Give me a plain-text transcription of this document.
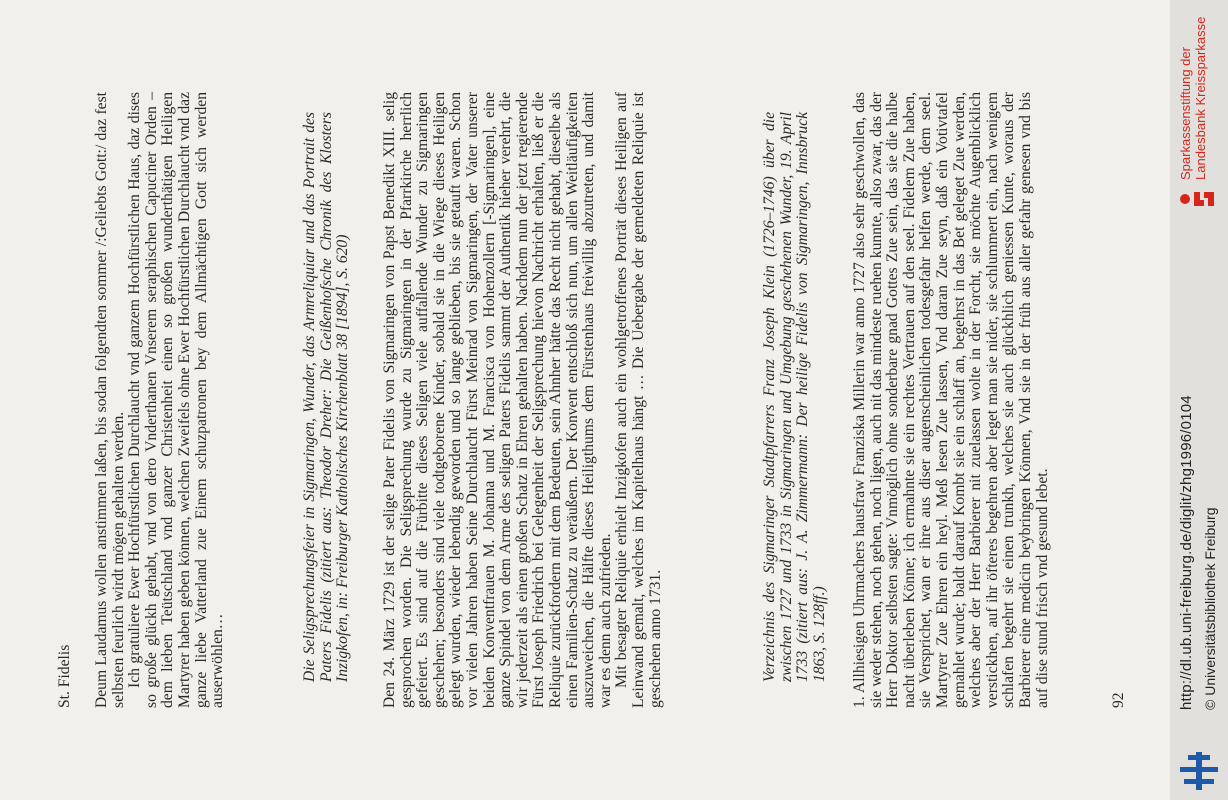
St. Fidelis Deum Laudamus wollen anstimmen laßen, bis sodan folgendten sommer /:Geliebts Gott:/ daz fest selbsten feurlich wirdt mögen gehalten werden. Ich gratuliere Ewer Hochfürstlichen Durchlaucht vnd ganzem Hochfürstlichen Haus, daz dises so große glückh gehabt, vnd von dero Vnderthanen Vnserem seraphischen Capuciner Orden – dem lieben Teütschland vnd ganzer Christenheit einen so großen wunderthätigen Heiligen Martyrer haben geben können, welchen Zweifels ohne Ewer Hochfürstlichen Durchlaucht vnd daz ganze liebe Vatterland zue Einem schuzpatronen bey dem Allmächtigen Gott sich werden auserwöhlen…	Die Seligsprechungsfeier in Sigmaringen, Wunder, das Armreliquiar und das Portrait des Paters Fidelis (zitiert aus: Theodor Dreher: Die Geißenhofsche Chronik des Klosters Inzigkofen, in: Freiburger Katholisches Kirchenblatt 38 [1894], S. 620) Den 24. März 1729 ist der selige Pater Fidelis von Sigmaringen von Papst Benedikt XIII. selig gesprochen worden. Die Seligsprechung wurde zu Sigmaringen in der Pfarrkirche herrlich gefeiert. Es sind auf die Fürbitte dieses Seligen viele auffallende Wunder zu Sigmaringen geschehen; besonders sind viele todtgeborene Kinder, sobald sie in die Wiege dieses Heiligen gelegt wurden, wieder lebendig geworden und so lange geblieben, bis sie getauft waren. Schon vor vielen Jahren haben Seine Durchlaucht Fürst Meinrad von Sigmaringen, der Vater unserer beiden Konventfrauen M. Johanna und M. Francisca von Hohenzollern [-Sigmaringen], eine ganze Spindel von dem Arme des seligen Paters Fidelis sammt der Authentik hieher verehrt, die wir jederzeit als einen großen Schatz in Ehren gehalten haben. Nachdem nun der jetzt regierende Fürst Joseph Friedrich bei Gelegenheit der Seligsprechung hievon Nachricht erhalten, ließ er die Reliquie zurückfordern mit dem Bedeuten, sein Ahnher hätte das Recht nicht gehabt, dieselbe als einen Familien-Schatz zu veräußern. Der Konvent entschloß sich nun, um allen Weitläufigkeiten auszuweichen, die Hälfte dieses Heiligthums dem Fürstenhaus freiwillig abzutreten, und damit war es denn auch zufrieden. Mit besagter Reliquie erhielt Inzigkofen auch ein wohlgetroffenes Porträt dieses Heiligen auf Leinwand gemalt, welches im Kapitelhaus hängt … Die Uebergabe der gemeldeten Reliquie ist geschehen anno 1731.	Verzeichnis des Sigmaringer Stadtpfarrers Franz Joseph Klein (1726–1746) über die zwischen 1727 und 1733 in Sigmaringen und Umgebung geschehenen Wunder, 19. April 1733 (zitiert aus: J. A. Zimmermann: Der heilige Fidelis von Sigmaringen, Innsbruck 1863, S. 128ff.) 1. Allhiesigen Uhrmachers hausfraw Franziska Millerin war anno 1727 also sehr geschwollen, das sie weder stehen, noch gehen, noch ligen, auch nit das mindeste ruehen kunnte, allso zwar, das der Herr Doktor selbsten sagte: Vnmöglich ohne sonderbare gnad Gottes Zue sein, das sie die halbe nacht überleben Könne; ich ermahnte sie ein rechtes Vertrauen auf den seel. Fidelem Zue haben, sie Versprichet, wan er ihre aus diser augenscheinlichen todesgefahr helfen werde, dem seel. Martyrer Zue Ehren ein heyl. Meß lesen Zue lassen, Vnd daran Zue seyn, daß ein Votivtafel gemahlet wurde; baldt darauf Kombt sie ein schlaff an, begehrst in das Bet geleget Zue werden, welches aber der Herr Barbierer nit zuelassen wolte in der Forcht, sie möchte Augenblicklich verstickhen, auf ihr öfteres begehren aber leget man sie nider, sie schlummert ein, nach wenigem schlafen begehrt sie einen trunkh, welches sie auch glückhlich geniessen Kunte, woraus der Barbierer eine medicin beybringen Können, Vnd sie in der früh aus aller gefahr genesen vnd bis auf dise stund frisch vnd gesund lebet.	92	http://dl.ub.uni-freiburg.de/diglit/zhg1996/0104 © Universitätsbibliothek Freiburg
Sparkassenstiftung der Landesbank Kreissparkasse
